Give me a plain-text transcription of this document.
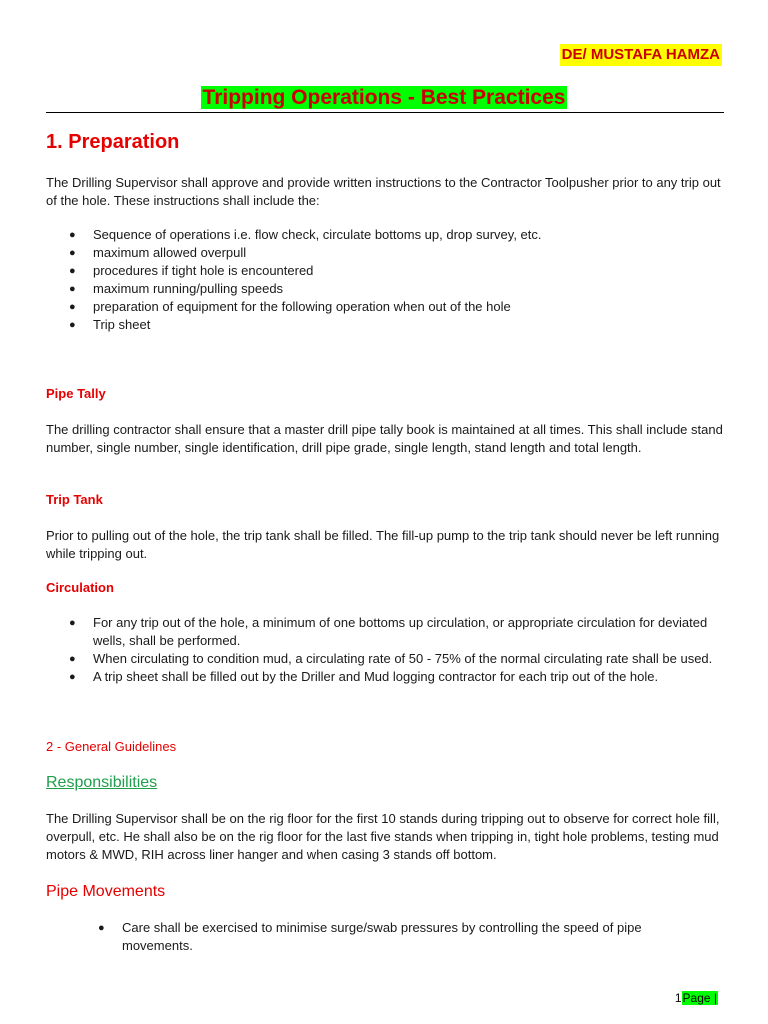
DE/ MUSTAFA HAMZA
Tripping Operations - Best Practices
1. Preparation
The Drilling Supervisor shall approve and provide written instructions to the Contractor Toolpusher prior to any trip out of the hole. These instructions shall include the:
● Sequence of operations i.e. flow check, circulate bottoms up, drop survey, etc.
● maximum allowed overpull
● procedures if tight hole is encountered
● maximum running/pulling speeds
● preparation of equipment for the following operation when out of the hole
● Trip sheet
Pipe Tally
The drilling contractor shall ensure that a master drill pipe tally book is maintained at all times. This shall include stand number, single number, single identification, drill pipe grade, single length, stand length and total length.
Trip Tank
Prior to pulling out of the hole, the trip tank shall be filled. The fill-up pump to the trip tank should never be left running while tripping out.
Circulation
● For any trip out of the hole, a minimum of one bottoms up circulation, or appropriate circulation for deviated wells, shall be performed.
● When circulating to condition mud, a circulating rate of 50 - 75% of the normal circulating rate shall be used.
● A trip sheet shall be filled out by the Driller and Mud logging contractor for each trip out of the hole.
2 - General Guidelines
Responsibilities
The Drilling Supervisor shall be on the rig floor for the first 10 stands during tripping out to observe for correct hole fill, overpull, etc. He shall also be on the rig floor for the last five stands when tripping in, tight hole problems, testing mud motors & MWD, RIH across liner hanger and when casing 3 stands off bottom.
Pipe Movements
● Care shall be exercised to minimise surge/swab pressures by controlling the speed of pipe movements.
1Page |
